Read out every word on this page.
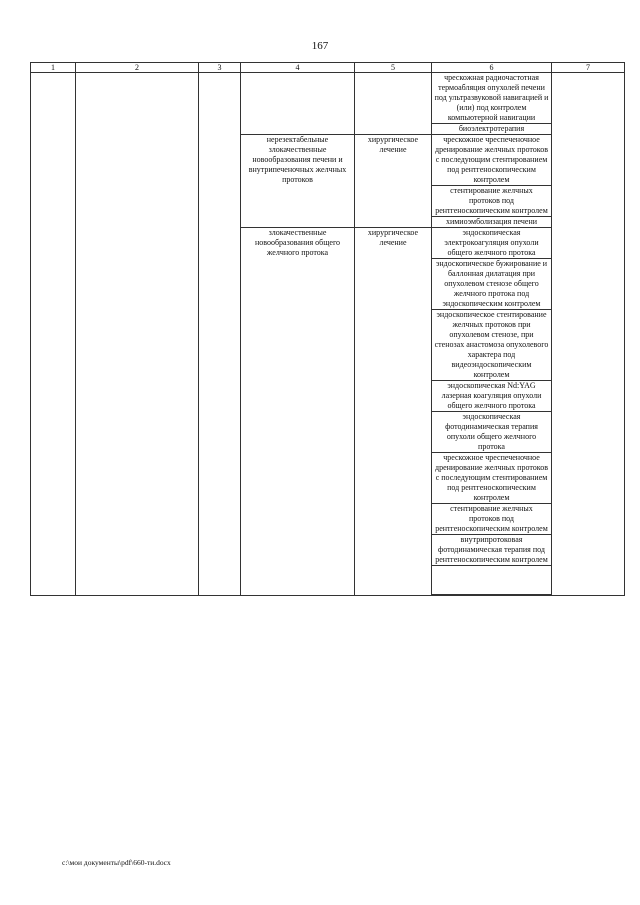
167
1	2	3	4	5	6	7
					чрескожная радиочастотная термоабляция опухолей печени под ультразвуковой навигацией и (или) под контролем компьютерной навигации	
					биоэлектротерапия	
			нерезектабельные злокачественные новообразования печени и внутрипеченочных желчных протоков	хирургическое лечение	чрескожное чреспеченочное дренирование желчных протоков с последующим стентированием под рентгеноскопическим контролем	
					стентирование желчных протоков под рентгеноскопическим контролем	
					химиоэмболизация печени	
			злокачественные новообразования общего желчного протока	хирургическое лечение	эндоскопическая электрокоагуляция опухоли общего желчного протока	
					эндоскопическое бужирование и баллонная дилатация при опухолевом стенозе общего желчного протока под эндоскопическим контролем	
					эндоскопическое стентирование желчных протоков при опухолевом стенозе, при стенозах анастомоза опухолевого характера под видеоэндоскопическим контролем	
					эндоскопическая Nd:YAG лазерная коагуляция опухоли общего желчного протока	
					эндоскопическая фотодинамическая терапия опухоли общего желчного протока	
					чрескожное чреспеченочное дренирование желчных протоков с последующим стентированием под рентгеноскопическим контролем	
					стентирование желчных протоков под рентгеноскопическим контролем	
					внутрипротоковая фотодинамическая терапия под рентгеноскопическим контролем	

c:\мои документы\pdf\660-ти.docx
